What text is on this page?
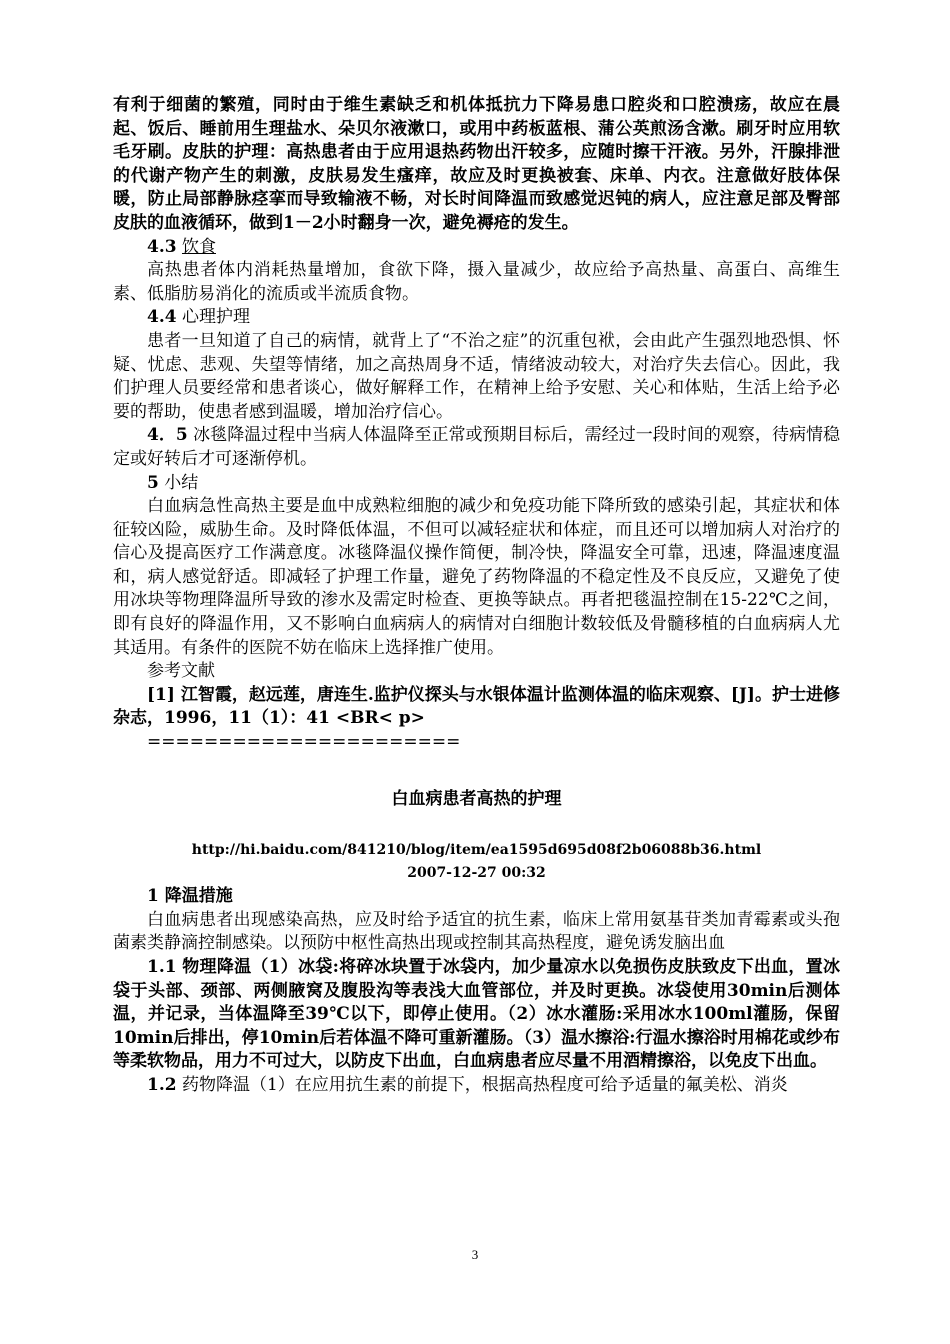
有利于细菌的繁殖，同时由于维生素缺乏和机体抵抗力下降易患口腔炎和口腔溃疡，故应在晨起、饭后、睡前用生理盐水、朵贝尔液漱口，或用中药板蓝根、蒲公英煎汤含漱。刷牙时应用软毛牙刷。皮肤的护理：高热患者由于应用退热药物出汗较多，应随时擦干汗液。另外，汗腺排泄的代谢产物产生的刺激，皮肤易发生瘙痒，故应及时更换被套、床单、内衣。注意做好肢体保暖，防止局部静脉痉挛而导致输液不畅，对长时间降温而致感觉迟钝的病人，应注意足部及臀部皮肤的血液循环，做到1－2小时翻身一次，避免褥疮的发生。

4.3 饮食

高热患者体内消耗热量增加，食欲下降，摄入量减少，故应给予高热量、高蛋白、高维生素、低脂肪易消化的流质或半流质食物。

4.4 心理护理

患者一旦知道了自己的病情，就背上了“不治之症”的沉重包袱，会由此产生强烈地恐惧、怀疑、忧虑、悲观、失望等情绪，加之高热周身不适，情绪波动较大，对治疗失去信心。因此，我们护理人员要经常和患者谈心，做好解释工作，在精神上给予安慰、关心和体贴，生活上给予必要的帮助，使患者感到温暖，增加治疗信心。

4．5 冰毯降温过程中当病人体温降至正常或预期目标后，需经过一段时间的观察，待病情稳定或好转后才可逐渐停机。

5 小结

白血病急性高热主要是血中成熟粒细胞的减少和免疫功能下降所致的感染引起，其症状和体征较凶险，威胁生命。及时降低体温，不但可以减轻症状和体症，而且还可以增加病人对治疗的信心及提高医疗工作满意度。冰毯降温仪操作简便，制冷快，降温安全可靠，迅速，降温速度温和，病人感觉舒适。即减轻了护理工作量，避免了药物降温的不稳定性及不良反应，又避免了使用冰块等物理降温所导致的渗水及需定时检查、更换等缺点。再者把毯温控制在15-22℃之间，即有良好的降温作用，又不影响白血病病人的病情对白细胞计数较低及骨髓移植的白血病病人尤其适用。有条件的医院不妨在临床上选择推广使用。

参考文献

[1] 江智霞，赵远莲，唐连生.监护仪探头与水银体温计监测体温的临床观察、[J]。护士进修杂志，1996，11（1）：41 <BR< p>

======================

白血病患者高热的护理

http://hi.baidu.com/841210/blog/item/ea1595d695d08f2b06088b36.html

2007-12-27 00:32

1 降温措施

白血病患者出现感染高热，应及时给予适宜的抗生素，临床上常用氨基苷类加青霉素或头孢菌素类静滴控制感染。以预防中枢性高热出现或控制其高热程度，避免诱发脑出血

1.1 物理降温（1）冰袋:将碎冰块置于冰袋内，加少量凉水以免损伤皮肤致皮下出血，置冰袋于头部、颈部、两侧腋窝及腹股沟等表浅大血管部位，并及时更换。冰袋使用30min后测体温，并记录，当体温降至39℃以下，即停止使用。（2）冰水灌肠:采用冰水100ml灌肠，保留10min后排出，停10min后若体温不降可重新灌肠。（3）温水擦浴:行温水擦浴时用棉花或纱布等柔软物品，用力不可过大，以防皮下出血，白血病患者应尽量不用酒精擦浴，以免皮下出血。

1.2 药物降温（1）在应用抗生素的前提下，根据高热程度可给予适量的氟美松、消炎

3
